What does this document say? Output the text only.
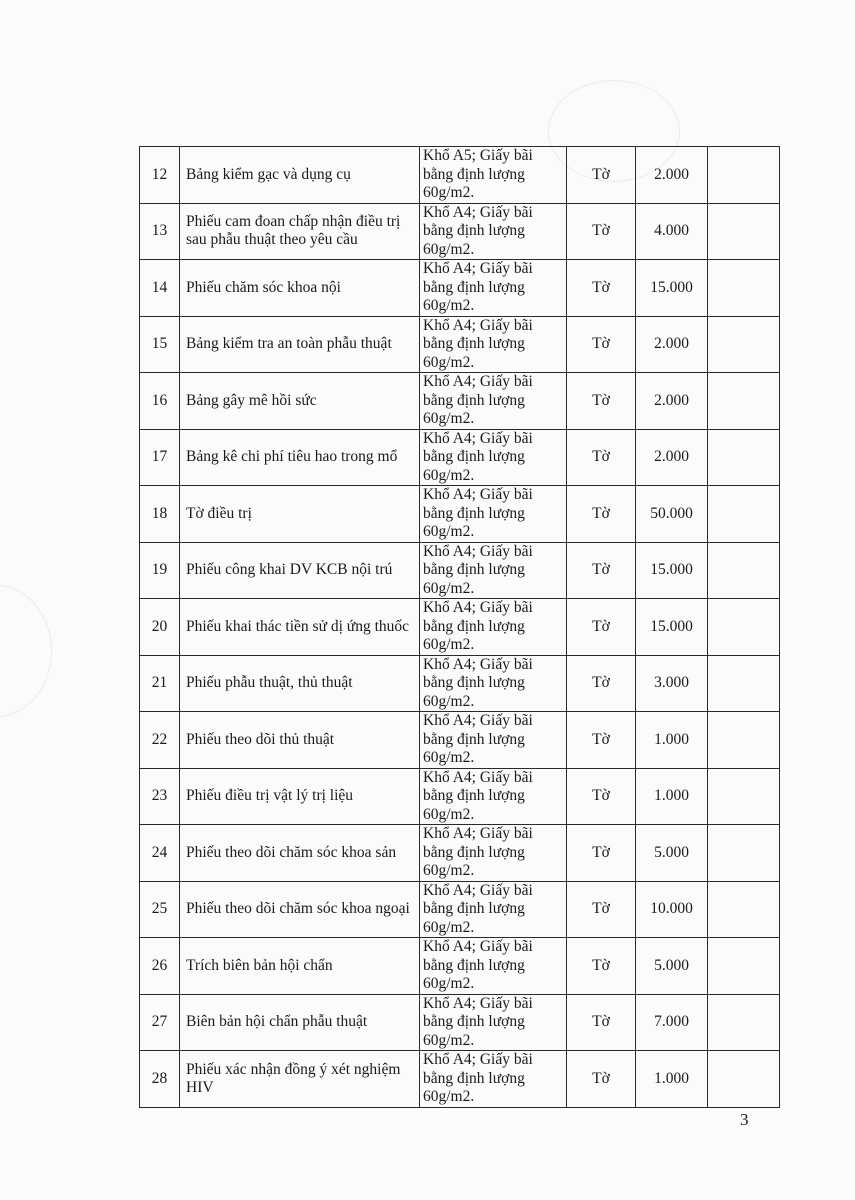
12	Bảng kiểm gạc và dụng cụ	Khổ A5; Giấy bãi bằng định lượng 60g/m2.	Tờ	2.000	
13	Phiếu cam đoan chấp nhận điều trị sau phẫu thuật theo yêu cầu	Khổ A4; Giấy bãi bằng định lượng 60g/m2.	Tờ	4.000	
14	Phiếu chăm sóc khoa nội	Khổ A4; Giấy bãi bằng định lượng 60g/m2.	Tờ	15.000	
15	Bảng kiểm tra an toàn phẫu thuật	Khổ A4; Giấy bãi bằng định lượng 60g/m2.	Tờ	2.000	
16	Bảng gây mê hồi sức	Khổ A4; Giấy bãi bằng định lượng 60g/m2.	Tờ	2.000	
17	Bảng kê chi phí tiêu hao trong mổ	Khổ A4; Giấy bãi bằng định lượng 60g/m2.	Tờ	2.000	
18	Tờ điều trị	Khổ A4; Giấy bãi bằng định lượng 60g/m2.	Tờ	50.000	
19	Phiếu công khai DV KCB nội trú	Khổ A4; Giấy bãi bằng định lượng 60g/m2.	Tờ	15.000	
20	Phiếu khai thác tiền sử dị ứng thuốc	Khổ A4; Giấy bãi bằng định lượng 60g/m2.	Tờ	15.000	
21	Phiếu phẫu thuật, thủ thuật	Khổ A4; Giấy bãi bằng định lượng 60g/m2.	Tờ	3.000	
22	Phiếu theo dõi thủ thuật	Khổ A4; Giấy bãi bằng định lượng 60g/m2.	Tờ	1.000	
23	Phiếu điều trị vật lý trị liệu	Khổ A4; Giấy bãi bằng định lượng 60g/m2.	Tờ	1.000	
24	Phiếu theo dõi chăm sóc khoa sản	Khổ A4; Giấy bãi bằng định lượng 60g/m2.	Tờ	5.000	
25	Phiếu theo dõi chăm sóc khoa ngoại	Khổ A4; Giấy bãi bằng định lượng 60g/m2.	Tờ	10.000	
26	Trích biên bản hội chẩn	Khổ A4; Giấy bãi bằng định lượng 60g/m2.	Tờ	5.000	
27	Biên bản hội chẩn phẫu thuật	Khổ A4; Giấy bãi bằng định lượng 60g/m2.	Tờ	7.000	
28	Phiếu xác nhận đồng ý xét nghiệm HIV	Khổ A4; Giấy bãi bằng định lượng 60g/m2.	Tờ	1.000	
3
